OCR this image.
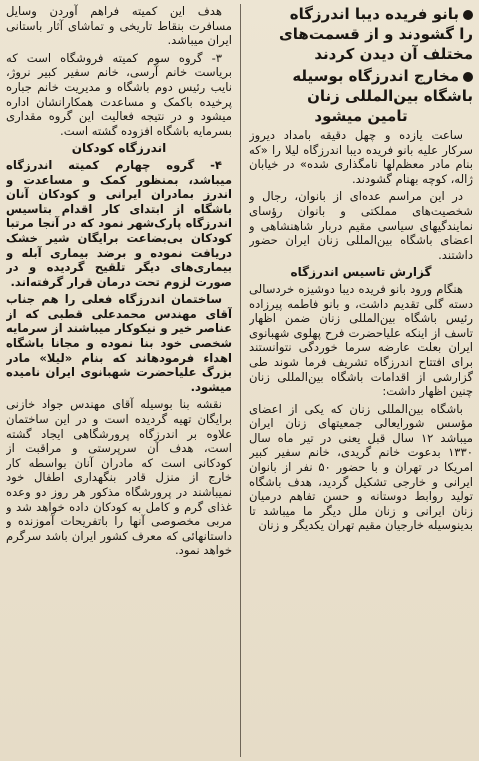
بانو فریده دیبا اندرزگاه
را گشودند و از قسمت‌های
مختلف آن دیدن کردند
مخارج اندرزگاه بوسیله
باشگاه بین‌المللی زنان
تامین میشود

ساعت یازده و چهل دقیقه بامداد دیروز سرکار علیه بانو فریده دیبا اندرزگاه لیلا را «که بنام مادر معظم‌لها نامگذاری شده» در خیابان ژاله، کوچه بهنام گشودند.

در این مراسم عده‌ای از بانوان، رجال و شخصیت‌های مملکتی و بانوان رؤسای نمایندگیهای سیاسی مقیم دربار شاهنشاهی و اعضای باشگاه بین‌المللی زنان ایران حضور داشتند.

گزارش تاسیس اندرزگاه

هنگام ورود بانو فریده دیبا دوشیزه خردسالی دسته گلی تقدیم داشت، و بانو فاطمه پیرزاده رئیس باشگاه بین‌المللی زنان ضمن اظهار تاسف از اینکه علیاحضرت فرح پهلوی شهبانوی ایران بعلت عارضه سرما خوردگی نتوانستند برای افتتاح اندرزگاه تشریف فرما شوند طی گزارشی از اقدامات باشگاه بین‌المللی زنان چنین اظهار داشت:

باشگاه بین‌المللی زنان که یکی از اعضای مؤسس شورایعالی جمعیتهای زنان ایران میباشد ۱۲ سال قبل یعنی در تیر ماه سال ۱۳۳۰ بدعوت خانم گریدی، خانم سفیر کبیر امریکا در تهران و با حضور ۵۰ نفر از بانوان ایرانی و خارجی تشکیل گردید، هدف باشگاه تولید روابط دوستانه و حسن تفاهم درمیان زنان ایرانی و زنان ملل دیگر ما میباشد تا بدینوسیله خارجیان مقیم تهران یکدیگر و زنان

هدف این کمیته فراهم آوردن وسایل مسافرت بنقاط تاریخی و تماشای آثار باستانی ایران میباشد.

۳- گروه سوم کمیته فروشگاه است که بریاست خانم آرسی، خانم سفیر کبیر نروژ، نایب رئیس دوم باشگاه و مدیریت خانم جباره پرخیده باکمک و مساعدت همکارانشان اداره میشود و در نتیجه فعالیت این گروه مقداری بسرمایه باشگاه افزوده گشته است.

اندرزگاه کودکان

۴- گروه چهارم کمیته اندرزگاه میباشد، بمنظور کمک و مساعدت و اندرز بمادران ایرانی و کودکان آنان باشگاه از ابتدای کار اقدام بتاسیس اندرزگاه پارک‌شهر نمود که در آنجا مرتبا کودکان بی‌بضاعت برایگان شیر خشک دریافت نموده و برضد بیماری آبله و بیماری‌های دیگر تلقیح گردیده و در صورت لزوم تحت درمان قرار گرفته‌اند.

ساختمان اندرزگاه فعلی را هم جناب آقای مهندس محمدعلی قطبی که از عناصر خیر و نیکوکار میباشند از سرمایه شخصی خود بنا نموده و مجانا باشگاه اهداء فرمودهاند که بنام «لیلا» مادر بزرگ علیاحضرت شهبانوی ایران نامیده میشود.

نقشه بنا بوسیله آقای مهندس جواد خازنی برایگان تهیه گردیده است و در این ساختمان علاوه بر اندرزگاه پرورشگاهی ایجاد گشته است، هدف آن سرپرستی و مراقبت از کودکانی است که مادران آنان بواسطه کار خارج از منزل قادر بنگهداری اطفال خود نمیباشند در پرورشگاه مذکور هر روز دو وعده غذای گرم و کامل به کودکان داده خواهد شد و مربی مخصوصی آنها را باتفریحات آموزنده و داستانهائی که معرف کشور ایران باشد سرگرم خواهد نمود.
